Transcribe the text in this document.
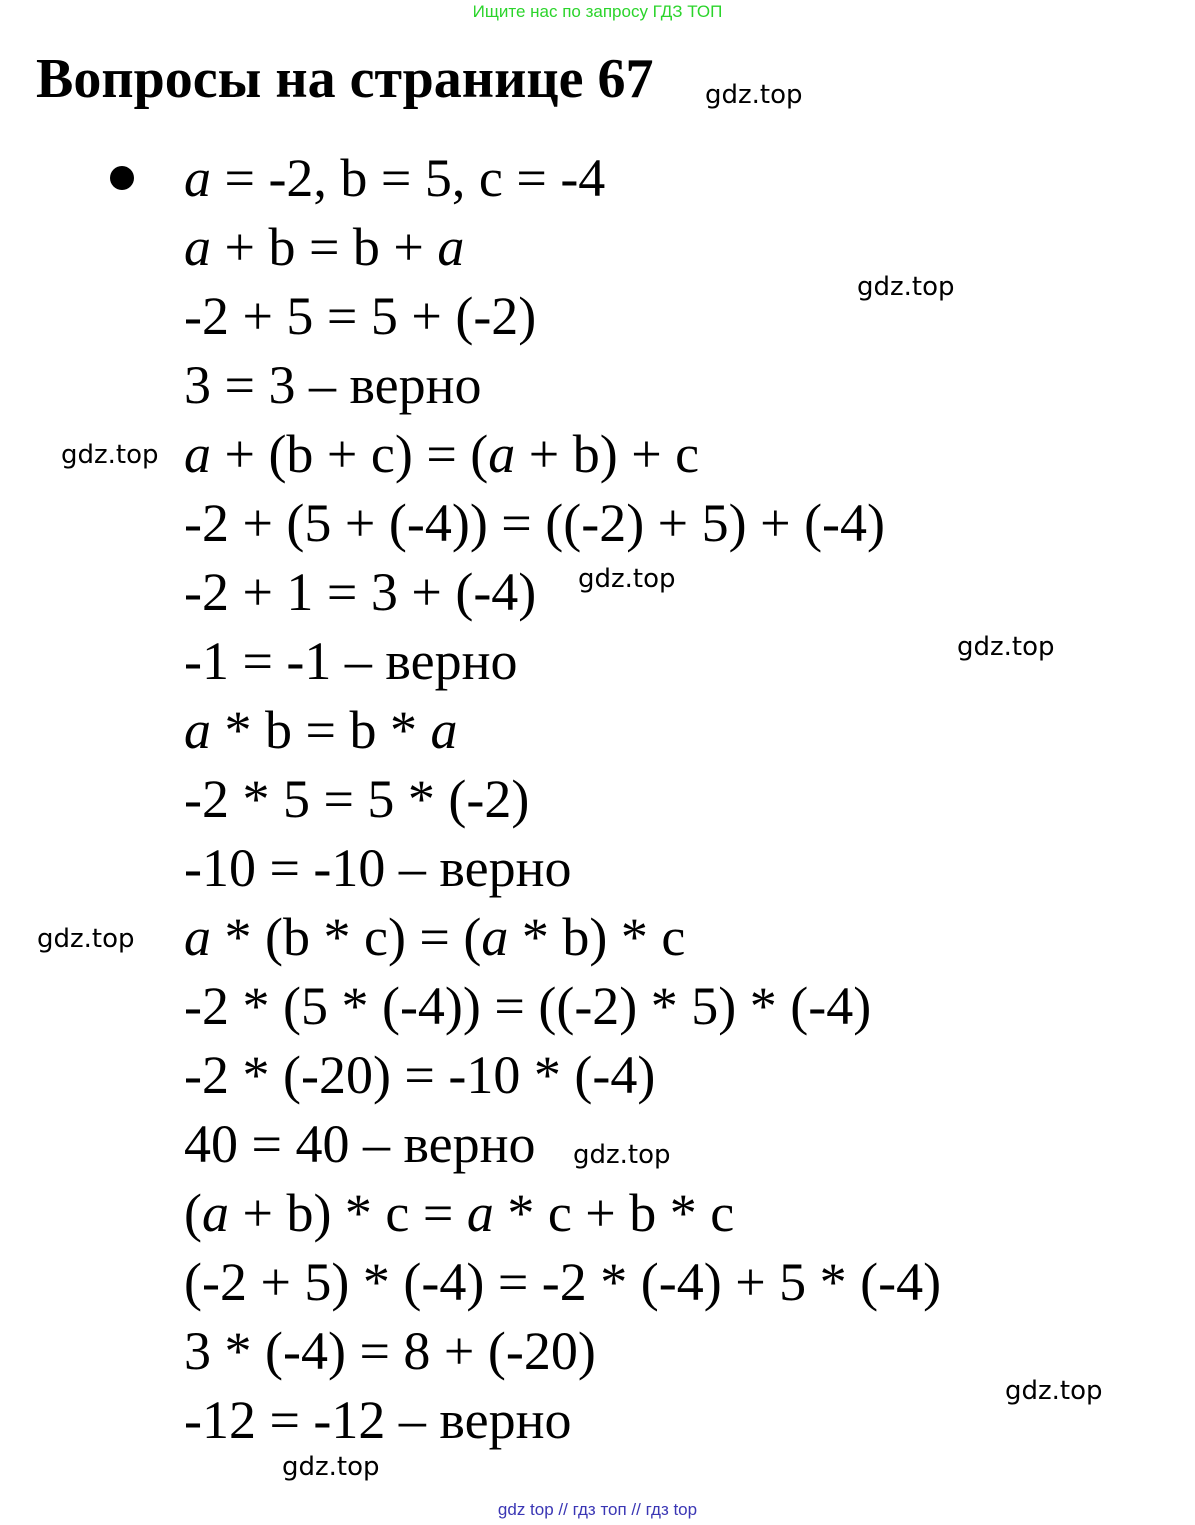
Ищите нас по запросу ГДЗ ТОП
Вопросы на странице 67
a = -2, b = 5, c = -4
a + b = b + a
-2 + 5 = 5 + (-2)
3 = 3 – верно
a + (b + c) = (a + b) + c
-2 + (5 + (-4)) = ((-2) + 5) + (-4)
-2 + 1 = 3 + (-4)
-1 = -1 – верно
a * b = b * a
-2 * 5 = 5 * (-2)
-10 = -10 – верно
a * (b * c) = (a * b) * c
-2 * (5 * (-4)) = ((-2) * 5) * (-4)
-2 * (-20) = -10 * (-4)
40 = 40 – верно
(a + b) * c = a * c + b * c
(-2 + 5) * (-4) = -2 * (-4) + 5 * (-4)
3 * (-4) = 8 + (-20)
-12 = -12 – верно
gdz.top
gdz.top
gdz.top
gdz.top
gdz.top
gdz.top
gdz.top
gdz.top
gdz.top
gdz top // гдз топ // гдз top
